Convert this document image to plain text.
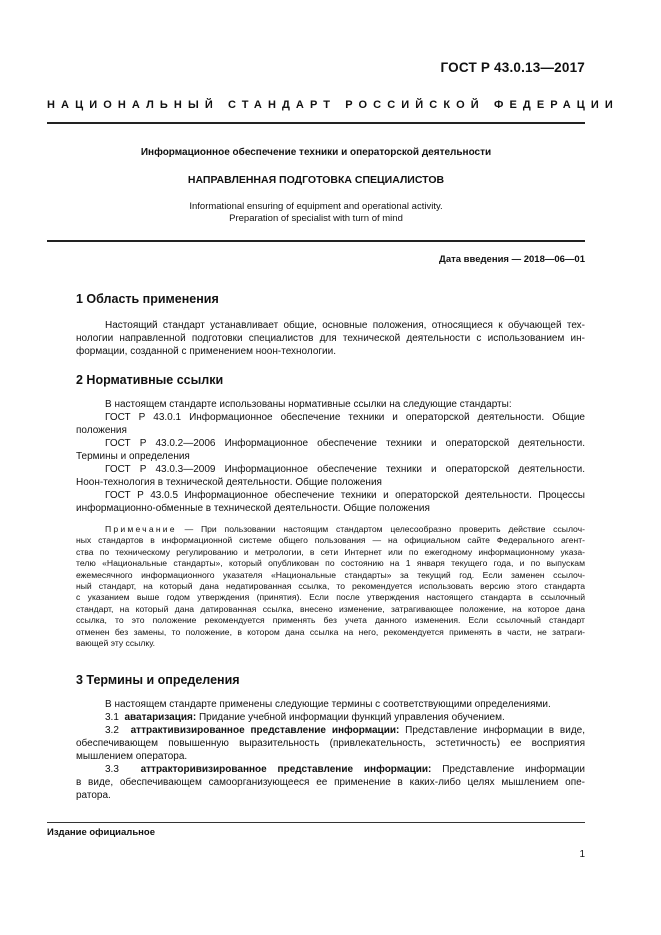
ГОСТ Р 43.0.13—2017
НАЦИОНАЛЬНЫЙ СТАНДАРТ РОССИЙСКОЙ ФЕДЕРАЦИИ
Информационное обеспечение техники и операторской деятельности
НАПРАВЛЕННАЯ ПОДГОТОВКА СПЕЦИАЛИСТОВ
Informational ensuring of equipment and operational activity.
Preparation of specialist with turn of mind
Дата введения — 2018—06—01
1 Область применения
Настоящий стандарт устанавливает общие, основные положения, относящиеся к обучающей тех-
нологии направленной подготовки специалистов для технической деятельности с использованием ин-
формации, созданной с применением ноон-технологии.
2 Нормативные ссылки
В настоящем стандарте использованы нормативные ссылки на следующие стандарты:
ГОСТ Р 43.0.1 Информационное обеспечение техники и операторской деятельности. Общие
положения
ГОСТ Р 43.0.2—2006 Информационное обеспечение техники и операторской деятельности.
Термины и определения
ГОСТ Р 43.0.3—2009 Информационное обеспечение техники и операторской деятельности.
Ноон-технология в технической деятельности. Общие положения
ГОСТ Р 43.0.5 Информационное обеспечение техники и операторской деятельности. Процессы
информационно-обменные в технической деятельности. Общие положения
Примечание — При пользовании настоящим стандартом целесообразно проверить действие ссылоч-
ных стандартов в информационной системе общего пользования — на официальном сайте Федерального агент-
ства по техническому регулированию и метрологии, в сети Интернет или по ежегодному информационному указа-
телю «Национальные стандарты», который опубликован по состоянию на 1 января текущего года, и по выпускам
ежемесячного информационного указателя «Национальные стандарты» за текущий год. Если заменен ссылоч-
ный стандарт, на который дана недатированная ссылка, то рекомендуется использовать версию этого стандарта
с указанием выше годом утверждения (принятия). Если после утверждения настоящего стандарта в ссылочный
стандарт, на который дана датированная ссылка, внесено изменение, затрагивающее положение, на которое дана
ссылка, то это положение рекомендуется применять без учета данного изменения. Если ссылочный стандарт
отменен без замены, то положение, в котором дана ссылка на него, рекомендуется применять в части, не затраги-
вающей эту ссылку.
3 Термины и определения
В настоящем стандарте применены следующие термины с соответствующими определениями.
3.1 аватаризация: Придание учебной информации функций управления обучением.
3.2 аттрактивизированное представление информации: Представление информации в виде,
обеспечивающем повышенную выразительность (привлекательность, эстетичность) ее восприятия
мышлением оператора.
3.3 аттракторивизированное представление информации: Представление информации
в виде, обеспечивающем самоорганизующееся ее применение в каких-либо целях мышлением опе-
ратора.
Издание официальное
1
